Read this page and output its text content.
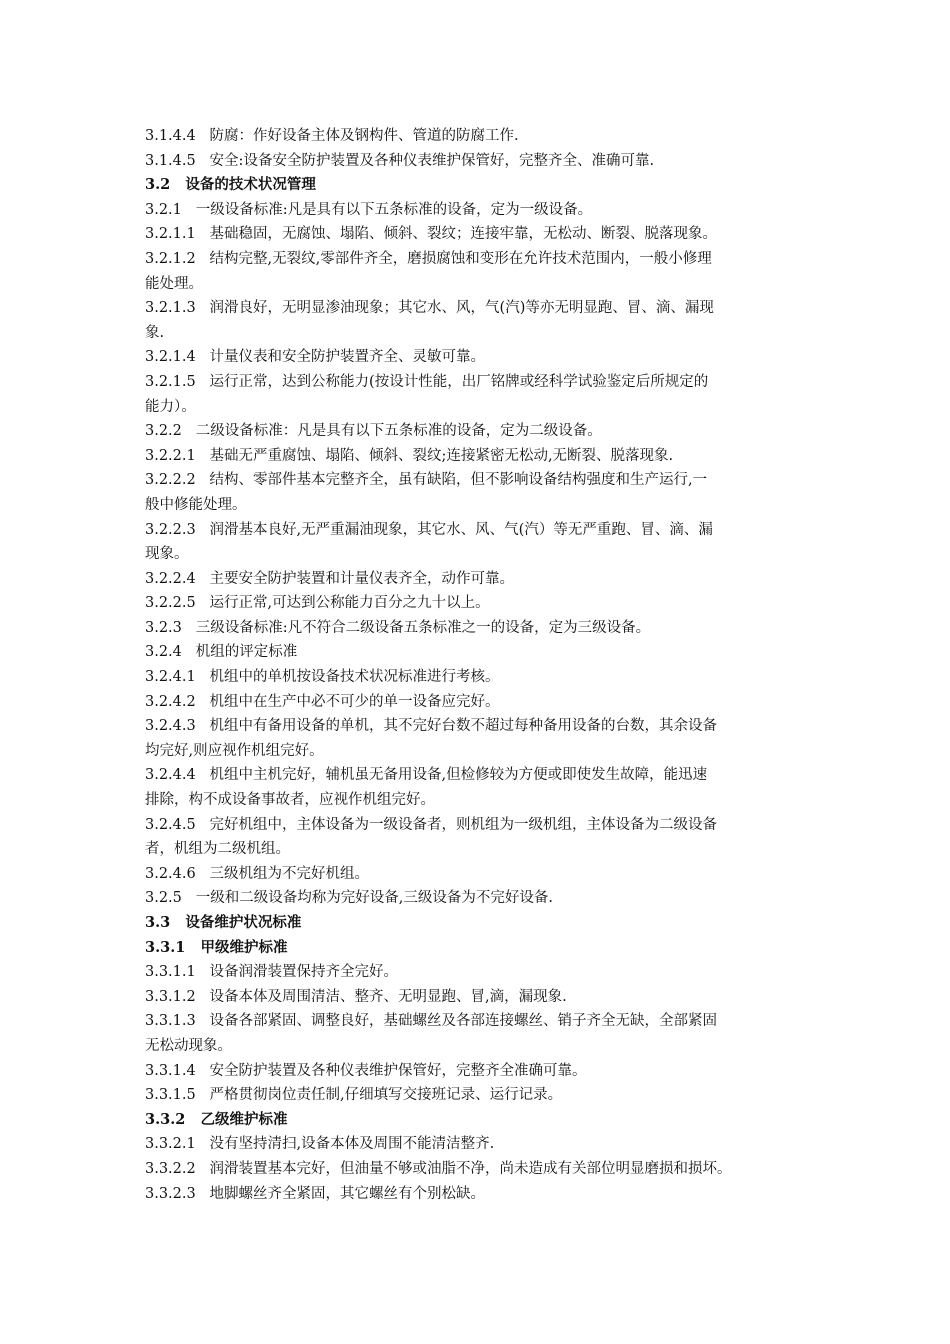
3.1.4.4   防腐：作好设备主体及钢构件、管道的防腐工作.

3.1.4.5   安全:设备安全防护装置及各种仪表维护保管好，完整齐全、准确可靠.

3.2   设备的技术状况管理

3.2.1   一级设备标准:凡是具有以下五条标准的设备，定为一级设备。

3.2.1.1   基础稳固，无腐蚀、塌陷、倾斜、裂纹；连接牢靠，无松动、断裂、脱落现象。

3.2.1.2   结构完整,无裂纹,零部件齐全，磨损腐蚀和变形在允许技术范围内，一般小修理

能处理。

3.2.1.3   润滑良好，无明显渗油现象；其它水、风，气(汽)等亦无明显跑、冒、滴、漏现

象.

3.2.1.4   计量仪表和安全防护装置齐全、灵敏可靠。

3.2.1.5   运行正常，达到公称能力(按设计性能，出厂铭牌或经科学试验鉴定后所规定的

能力）。

3.2.2   二级设备标准：凡是具有以下五条标准的设备，定为二级设备。

3.2.2.1   基础无严重腐蚀、塌陷、倾斜、裂纹;连接紧密无松动,无断裂、脱落现象.

3.2.2.2   结构、零部件基本完整齐全，虽有缺陷，但不影响设备结构强度和生产运行,一

般中修能处理。

3.2.2.3   润滑基本良好,无严重漏油现象，其它水、风、气(汽）等无严重跑、冒、滴、漏

现象。

3.2.2.4   主要安全防护装置和计量仪表齐全，动作可靠。

3.2.2.5   运行正常,可达到公称能力百分之九十以上。

3.2.3   三级设备标准:凡不符合二级设备五条标准之一的设备，定为三级设备。

3.2.4   机组的评定标准

3.2.4.1   机组中的单机按设备技术状况标准进行考核。

3.2.4.2   机组中在生产中必不可少的单一设备应完好。

3.2.4.3   机组中有备用设备的单机，其不完好台数不超过每种备用设备的台数，其余设备

均完好,则应视作机组完好。

3.2.4.4   机组中主机完好，辅机虽无备用设备,但检修较为方便或即使发生故障，能迅速

排除，构不成设备事故者，应视作机组完好。

3.2.4.5   完好机组中，主体设备为一级设备者，则机组为一级机组，主体设备为二级设备

者，机组为二级机组。

3.2.4.6   三级机组为不完好机组。

3.2.5   一级和二级设备均称为完好设备,三级设备为不完好设备.

3.3   设备维护状况标准

3.3.1   甲级维护标准

3.3.1.1   设备润滑装置保持齐全完好。

3.3.1.2   设备本体及周围清洁、整齐、无明显跑、冒,滴，漏现象.

3.3.1.3   设备各部紧固、调整良好，基础螺丝及各部连接螺丝、销子齐全无缺，全部紧固

无松动现象。

3.3.1.4   安全防护装置及各种仪表维护保管好，完整齐全准确可靠。

3.3.1.5   严格贯彻岗位责任制,仔细填写交接班记录、运行记录。

3.3.2   乙级维护标准

3.3.2.1   没有坚持清扫,设备本体及周围不能清洁整齐.

3.3.2.2   润滑装置基本完好，但油量不够或油脂不净，尚未造成有关部位明显磨损和损坏。

3.3.2.3   地脚螺丝齐全紧固，其它螺丝有个别松缺。
